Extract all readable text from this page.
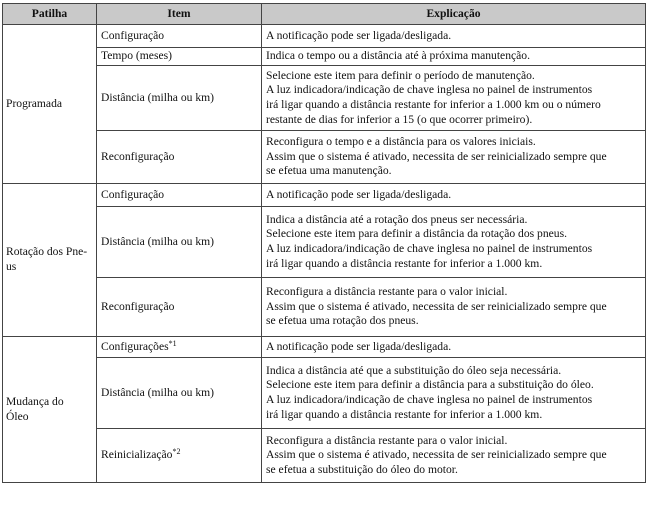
Patilha	Item	Explicação
Programada	Configuração	A notificação pode ser ligada/desligada.

	Tempo (meses)	Indica o tempo ou a distância até à próxima manutenção.

	Distância (milha ou km)	Selecione este item para definir o período de manutenção.
A luz indicadora/indicação de chave inglesa no painel de instrumentos
irá ligar quando a distância restante for inferior a 1.000 km ou o número
restante de dias for inferior a 15 (o que ocorrer primeiro).

	Reconfiguração	Reconfigura o tempo e a distância para os valores iniciais.
Assim que o sistema é ativado, necessita de ser reinicializado sempre que
se efetua uma manutenção.

Rotação dos Pne-
us	Configuração	A notificação pode ser ligada/desligada.

	Distância (milha ou km)	Indica a distância até a rotação dos pneus ser necessária.
Selecione este item para definir a distância da rotação dos pneus.
A luz indicadora/indicação de chave inglesa no painel de instrumentos
irá ligar quando a distância restante for inferior a 1.000 km.

	Reconfiguração	Reconfigura a distância restante para o valor inicial.
Assim que o sistema é ativado, necessita de ser reinicializado sempre que
se efetua uma rotação dos pneus.

Mudança do
Óleo	Configurações$^{*1}$	A notificação pode ser ligada/desligada.

	Distância (milha ou km)	Indica a distância até que a substituição do óleo seja necessária.
Selecione este item para definir a distância para a substituição do óleo.
A luz indicadora/indicação de chave inglesa no painel de instrumentos
irá ligar quando a distância restante for inferior a 1.000 km.

	Reinicialização$^{*2}$	Reconfigura a distância restante para o valor inicial.
Assim que o sistema é ativado, necessita de ser reinicializado sempre que
se efetua a substituição do óleo do motor.
